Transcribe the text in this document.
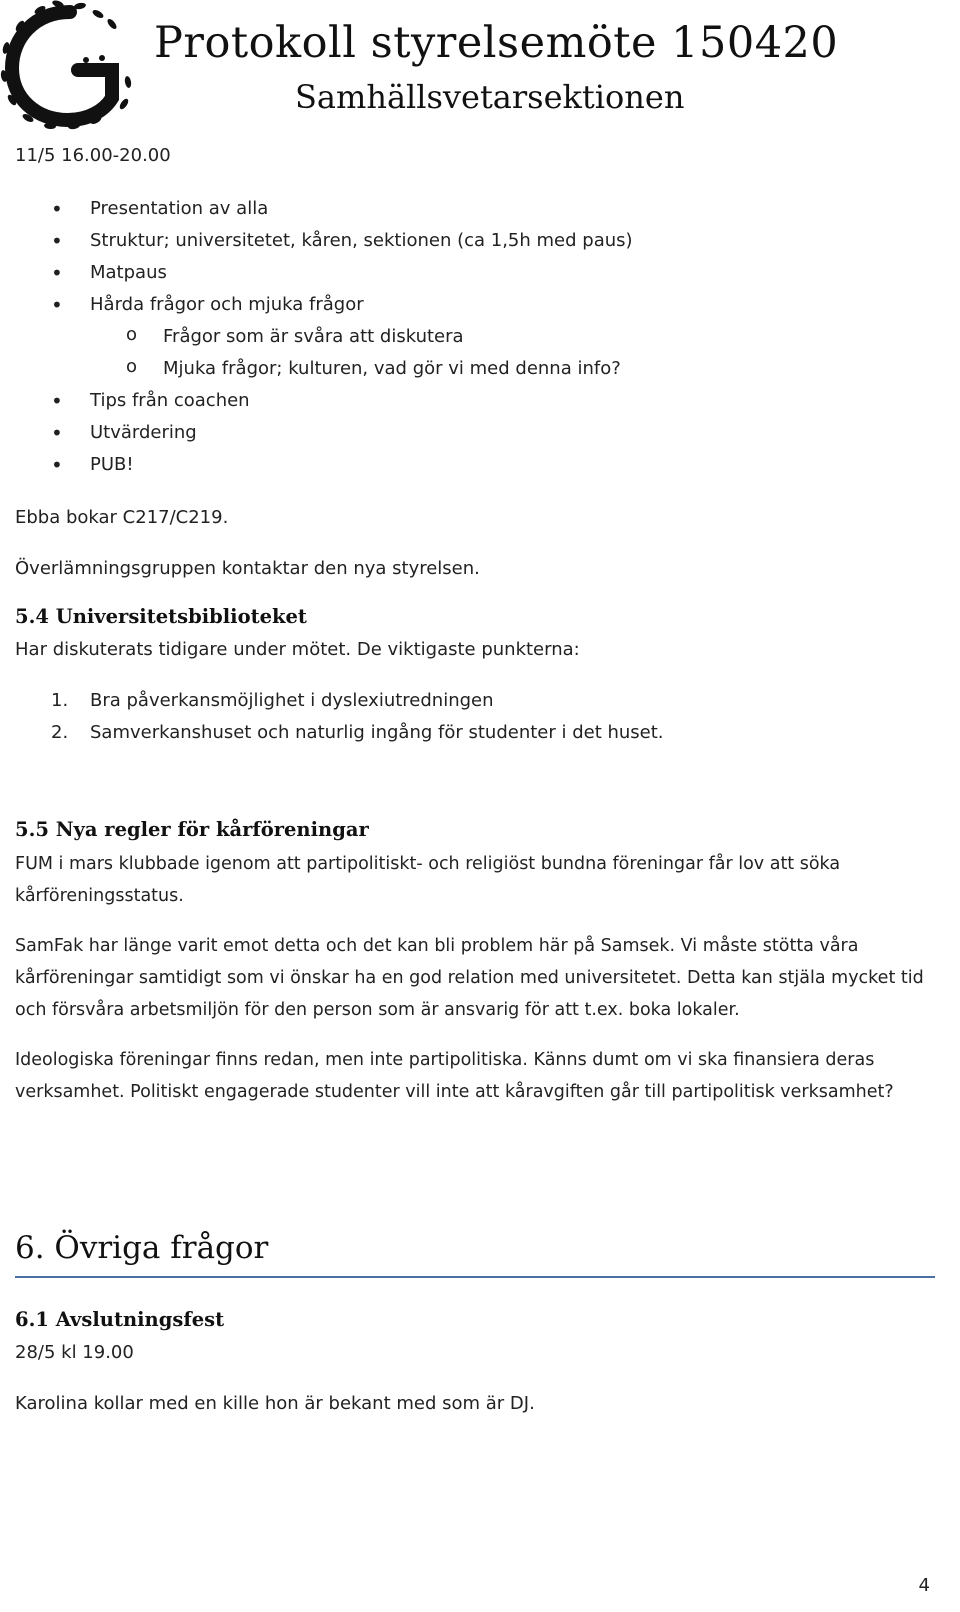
Protokoll styrelsemöte 150420
Samhällsvetarsektionen
11/5 16.00-20.00
• Presentation av alla
• Struktur; universitetet, kåren, sektionen (ca 1,5h med paus)
• Matpaus
• Hårda frågor och mjuka frågor
o Frågor som är svåra att diskutera
o Mjuka frågor; kulturen, vad gör vi med denna info?
• Tips från coachen
• Utvärdering
• PUB!
Ebba bokar C217/C219.
Överlämningsgruppen kontaktar den nya styrelsen.
5.4 Universitetsbiblioteket
Har diskuterats tidigare under mötet. De viktigaste punkterna:
1. Bra påverkansmöjlighet i dyslexiutredningen
2. Samverkanshuset och naturlig ingång för studenter i det huset.
5.5 Nya regler för kårföreningar
FUM i mars klubbade igenom att partipolitiskt- och religiöst bundna föreningar får lov att söka kårföreningsstatus.
SamFak har länge varit emot detta och det kan bli problem här på Samsek. Vi måste stötta våra kårföreningar samtidigt som vi önskar ha en god relation med universitetet. Detta kan stjäla mycket tid och försvåra arbetsmiljön för den person som är ansvarig för att t.ex. boka lokaler.
Ideologiska föreningar finns redan, men inte partipolitiska. Känns dumt om vi ska finansiera deras verksamhet. Politiskt engagerade studenter vill inte att kåravgiften går till partipolitisk verksamhet?
6. Övriga frågor
6.1 Avslutningsfest
28/5 kl 19.00
Karolina kollar med en kille hon är bekant med som är DJ.
4
